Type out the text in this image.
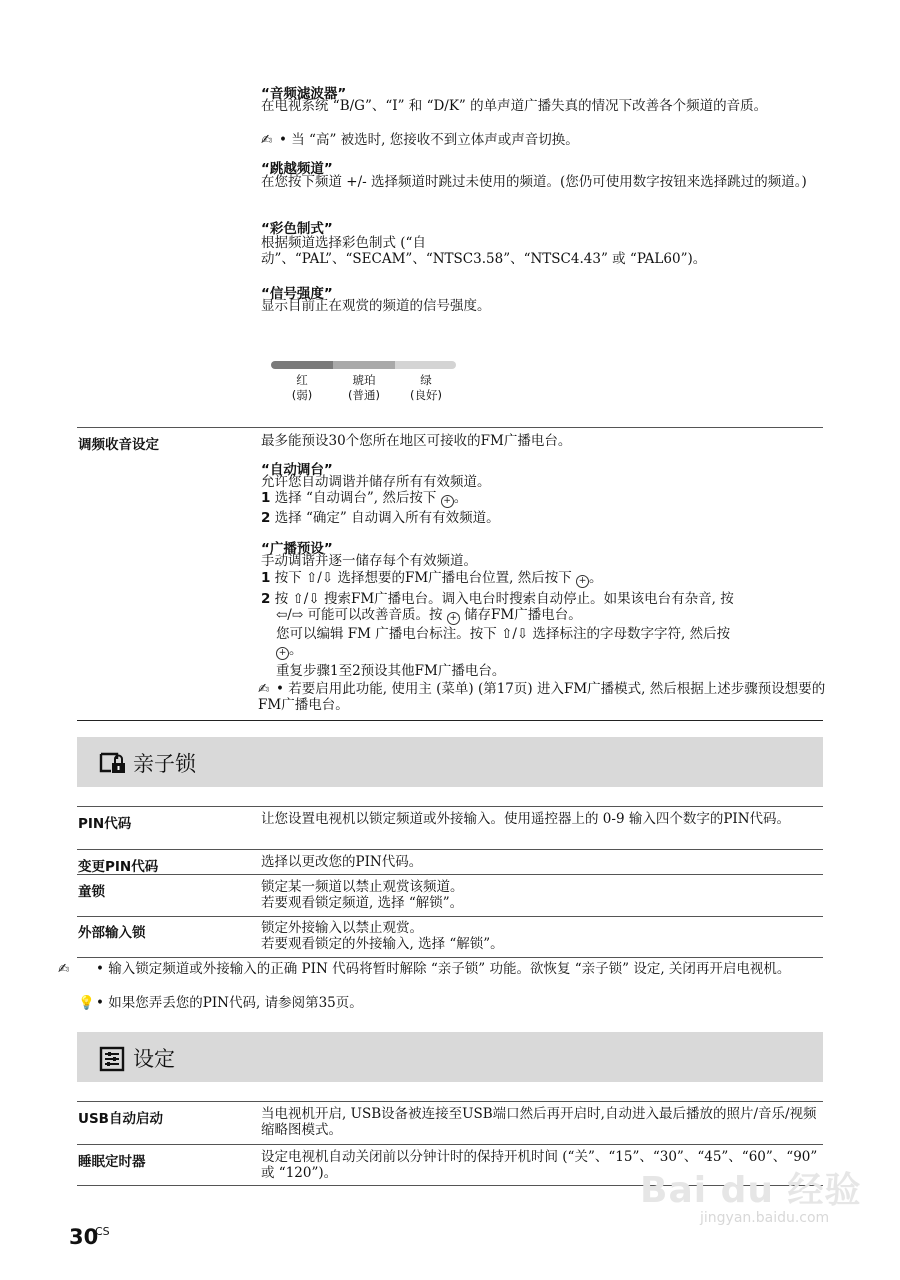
“音频滤波器”

在电视系统 “B/G”、“I” 和 “D/K” 的单声道广播失真的情况下改善各个频道的音质。

✍ • 当 “高” 被选时, 您接收不到立体声或声音切换。
“跳越频道”

在您按下频道 +/- 选择频道时跳过未使用的频道。(您仍可使用数字按钮来选择跳过的频道。)

“彩色制式”

根据频道选择彩色制式 (“自动”、“PAL”、“SECAM”、“NTSC3.58”、“NTSC4.43” 或 “PAL60”)。

“信号强度”

显示目前正在观赏的频道的信号强度。

红
(弱)
琥珀
(普通)
绿
(良好)
调频收音设定	最多能预设30个您所在地区可接收的FM广播电台。

“自动调台”

允许您自动调谐并储存所有有效频道。

1 选择 “自动调台”, 然后按下 + 。
2 选择 “确定” 自动调入所有有效频道。
“广播预设”

手动调谐并逐一储存每个有效频道。

1 按下 ⇧/⇩ 选择想要的FM广播电台位置, 然后按下 + 。
2 按 ⇧/⇩ 搜索FM广播电台。调入电台时搜索自动停止。如果该电台有杂音, 按
⇦/⇨ 可能可以改善音质。按 + 储存FM广播电台。
您可以编辑 FM 广播电台标注。按下 ⇧/⇩ 选择标注的字母数字字符, 然后按
+ 。

重复步骤1至2预设其他FM广播电台。

✍ • 若要启用此功能, 使用主 (菜单) (第17页) 进入FM广播模式, 然后根据上述步骤预设想要的FM广播电台。
亲子锁
PIN代码	让您设置电视机以锁定频道或外接输入。使用遥控器上的 0-9 输入四个数字的PIN代码。
变更PIN代码	选择以更改您的PIN代码。
童锁	锁定某一频道以禁止观赏该频道。
若要观看锁定频道, 选择 “解锁”。
外部输入锁	锁定外接输入以禁止观赏。
若要观看锁定的外接输入, 选择 “解锁”。
✍ • 输入锁定频道或外接输入的正确 PIN 代码将暂时解除 “亲子锁” 功能。欲恢复 “亲子锁” 设定, 关闭再开启电视机。
💡• 如果您弄丢您的PIN代码, 请参阅第35页。
设定
USB自动启动	当电视机开启, USB设备被连接至USB端口然后再开启时,自动进入最后播放的照片/音乐/视频缩略图模式。
睡眠定时器	设定电视机自动关闭前以分钟计时的保持开机时间 (“关”、“15”、“30”、“45”、“60”、“90” 或 “120”)。
30
CS
Bai du 经验
jingyan.baidu.com
